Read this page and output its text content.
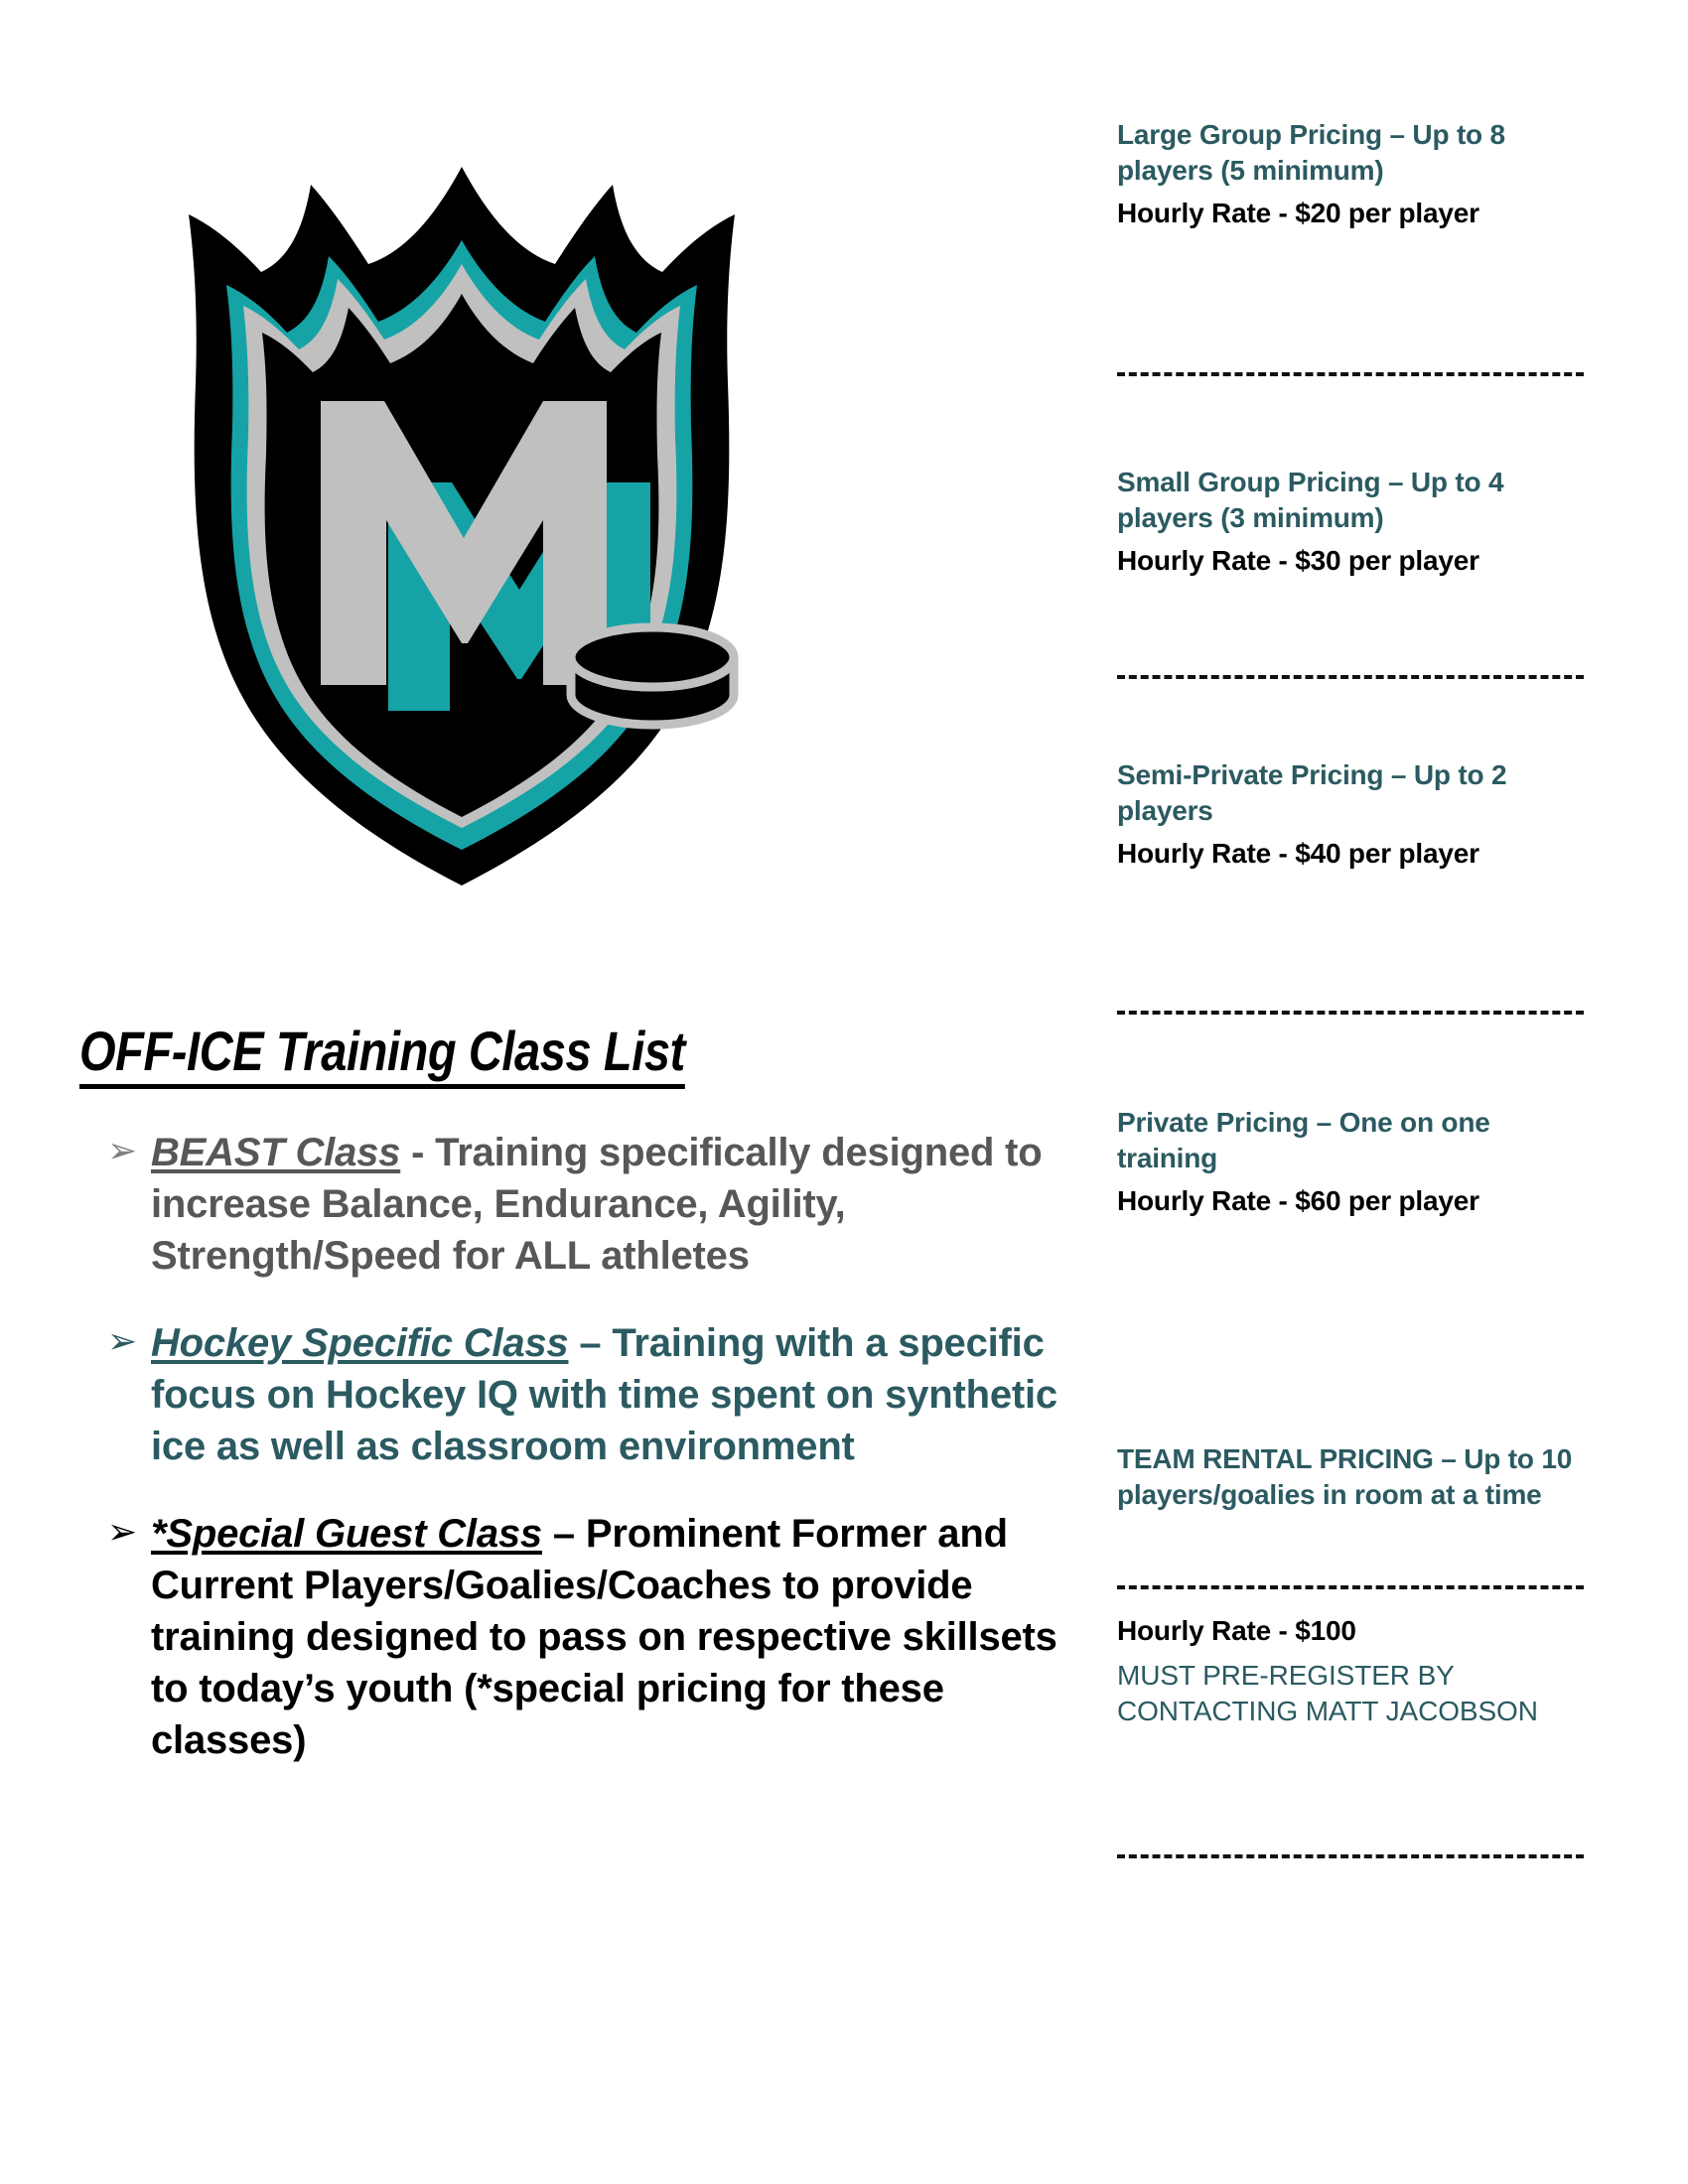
OFF-ICE Training Class List
➢ BEAST Class - Training specifically designed to increase Balance, Endurance, Agility, Strength/Speed for ALL athletes
➢ Hockey Specific Class – Training with a specific focus on Hockey IQ with time spent on synthetic ice as well as classroom environment
➢ *Special Guest Class – Prominent Former and Current Players/Goalies/Coaches to provide training designed to pass on respective skillsets to today’s youth (*special pricing for these classes)

Large Group Pricing – Up to 8 players (5 minimum)

Hourly Rate - $20 per player

Small Group Pricing – Up to 4 players (3 minimum)

Hourly Rate - $30 per player

Semi-Private Pricing – Up to 2 players

Hourly Rate - $40 per player

Private Pricing – One on one training

Hourly Rate - $60 per player

TEAM RENTAL PRICING – Up to 10 players/goalies in room at a time

Hourly Rate - $100

MUST PRE-REGISTER BY CONTACTING MATT JACOBSON
